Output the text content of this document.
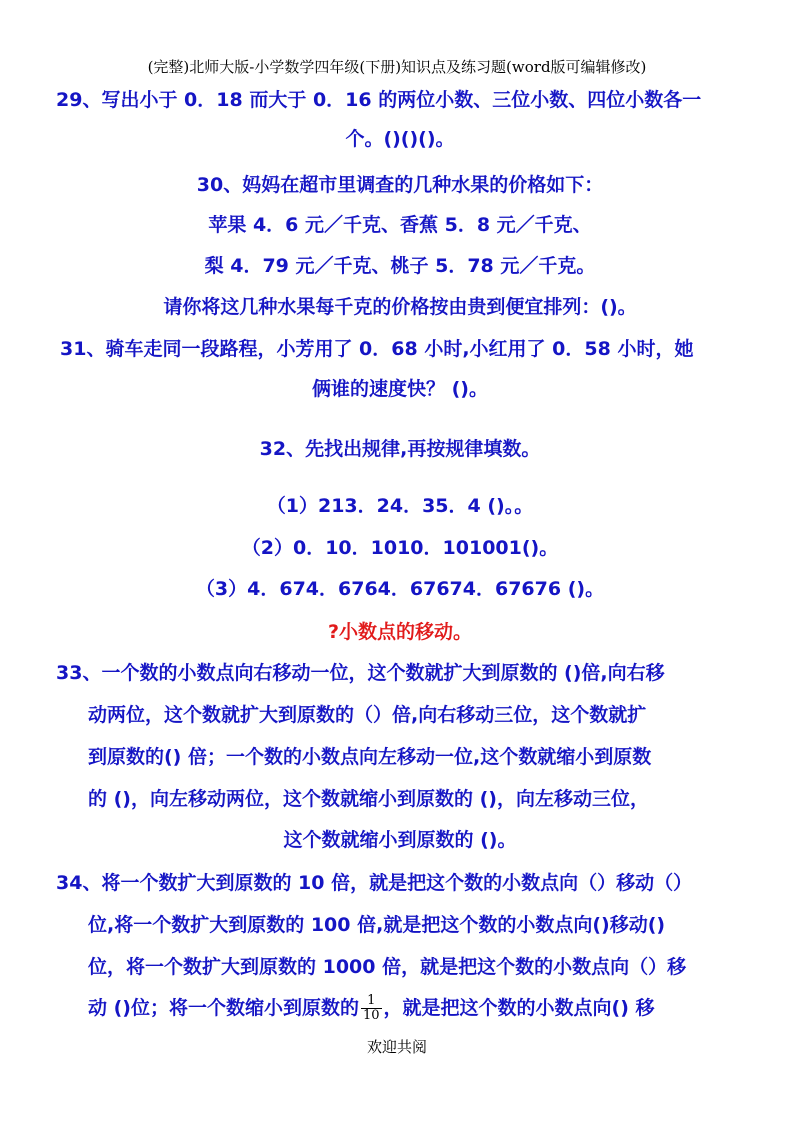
(完整)北师大版-小学数学四年级(下册)知识点及练习题(word版可编辑修改)
29、写出小于 0．18 而大于 0．16 的两位小数、三位小数、四位小数各一
个。()()()。
30、妈妈在超市里调查的几种水果的价格如下：
苹果 4．6 元／千克、香蕉 5．8 元／千克、
梨 4．79 元／千克、桃子 5．78 元／千克。
请你将这几种水果每千克的价格按由贵到便宜排列：()。
31、骑车走同一段路程，小芳用了 0．68 小时,小红用了 0．58 小时，她
俩谁的速度快？ ()。
32、先找出规律,再按规律填数。
（1）213．24．35．4 ()。。
（2）0．10．1010．101001()。
（3）4．674．6764．67674．67676 ()。
?小数点的移动。
33、一个数的小数点向右移动一位，这个数就扩大到原数的 ()倍,向右移
动两位，这个数就扩大到原数的（）倍,向右移动三位，这个数就扩
到原数的() 倍；一个数的小数点向左移动一位,这个数就缩小到原数
的 ()，向左移动两位，这个数就缩小到原数的 ()，向左移动三位，
这个数就缩小到原数的 ()。
34、将一个数扩大到原数的 10 倍，就是把这个数的小数点向（）移动（）
位,将一个数扩大到原数的 100 倍,就是把这个数的小数点向()移动()
位，将一个数扩大到原数的 1000 倍，就是把这个数的小数点向（）移
动 ()位；将一个数缩小到原数的 $\frac{1}{10}$ ，就是把这个数的小数点向() 移
欢迎共阅
